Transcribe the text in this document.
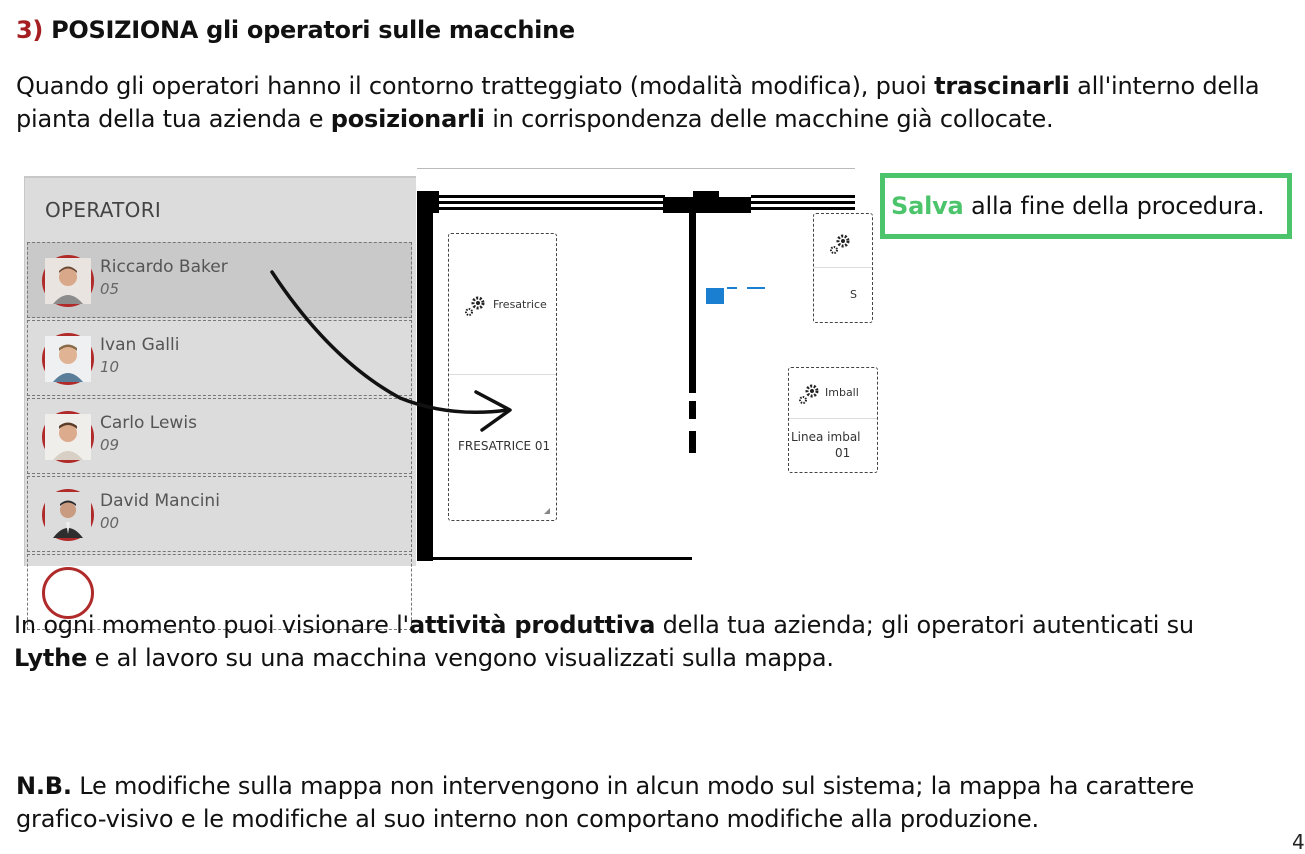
3) POSIZIONA gli operatori sulle macchine
Quando gli operatori hanno il contorno tratteggiato (modalità modifica), puoi trascinarli all'interno della
pianta della tua azienda e posizionarli in corrispondenza delle macchine già collocate.
OPERATORI
Riccardo Baker
05
Ivan Galli
10
Carlo Lewis
09
David Mancini
00
Fresatrice
FRESATRICE 01
S
Imball
Linea imbal
01
Salva alla fine della procedura.
In ogni momento puoi visionare l'attività produttiva della tua azienda; gli operatori autenticati su
Lythe e al lavoro su una macchina vengono visualizzati sulla mappa.
N.B. Le modifiche sulla mappa non intervengono in alcun modo sul sistema; la mappa ha carattere
grafico-visivo e le modifiche al suo interno non comportano modifiche alla produzione.
4
